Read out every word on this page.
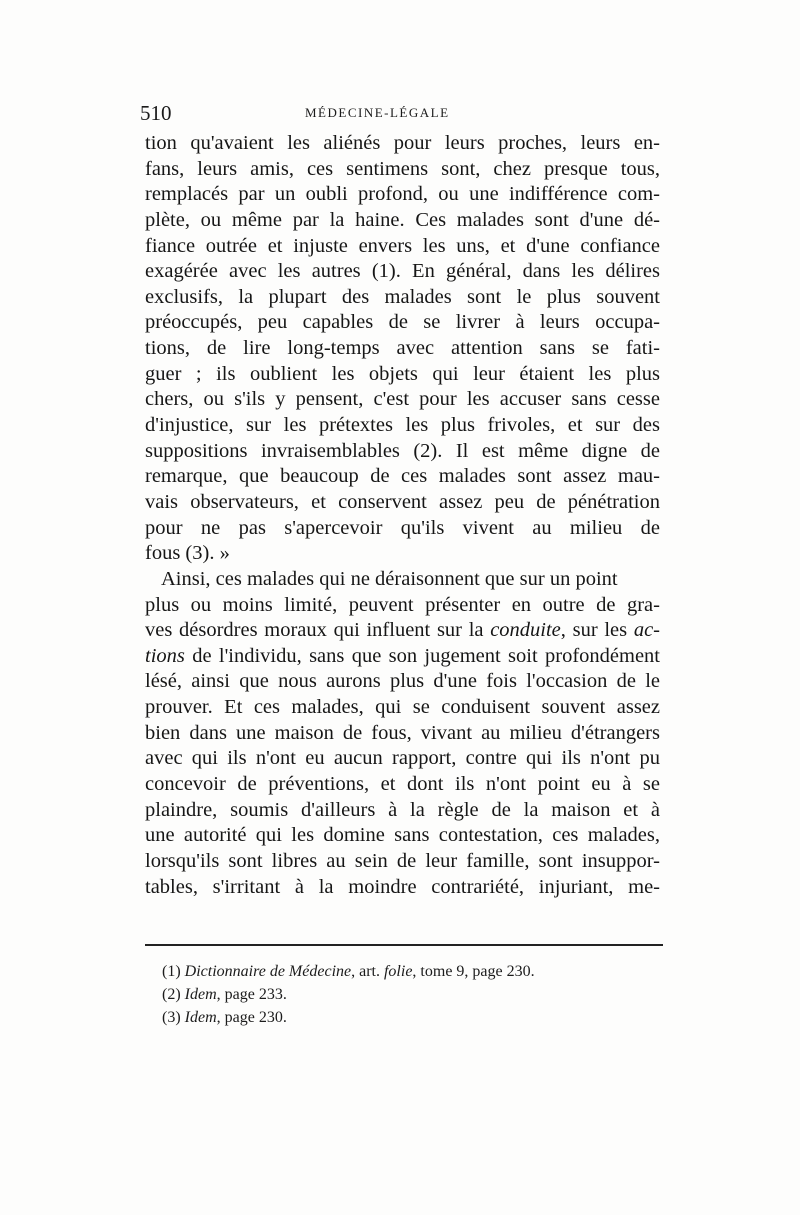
510	MÉDECINE-LÉGALE
tion qu'avaient les aliénés pour leurs proches, leurs en-
fans, leurs amis, ces sentimens sont, chez presque tous,
remplacés par un oubli profond, ou une indifférence com-
plète, ou même par la haine. Ces malades sont d'une dé-
fiance outrée et injuste envers les uns, et d'une confiance
exagérée avec les autres (1). En général, dans les délires
exclusifs, la plupart des malades sont le plus souvent
préoccupés, peu capables de se livrer à leurs occupa-
tions, de lire long-temps avec attention sans se fati-
guer ; ils oublient les objets qui leur étaient les plus
chers, ou s'ils y pensent, c'est pour les accuser sans cesse
d'injustice, sur les prétextes les plus frivoles, et sur des
suppositions invraisemblables (2). Il est même digne de
remarque, que beaucoup de ces malades sont assez mau-
vais observateurs, et conservent assez peu de pénétration
pour ne pas s'apercevoir qu'ils vivent au milieu de
fous (3). »
Ainsi, ces malades qui ne déraisonnent que sur un point
plus ou moins limité, peuvent présenter en outre de gra-
ves désordres moraux qui influent sur la conduite, sur les ac-
tions de l'individu, sans que son jugement soit profondément
lésé, ainsi que nous aurons plus d'une fois l'occasion de le
prouver. Et ces malades, qui se conduisent souvent assez
bien dans une maison de fous, vivant au milieu d'étrangers
avec qui ils n'ont eu aucun rapport, contre qui ils n'ont pu
concevoir de préventions, et dont ils n'ont point eu à se
plaindre, soumis d'ailleurs à la règle de la maison et à
une autorité qui les domine sans contestation, ces malades,
lorsqu'ils sont libres au sein de leur famille, sont insuppor-
tables, s'irritant à la moindre contrariété, injuriant, me-
(1) Dictionnaire de Médecine, art. folie, tome 9, page 230.
(2) Idem, page 233.
(3) Idem, page 230.
